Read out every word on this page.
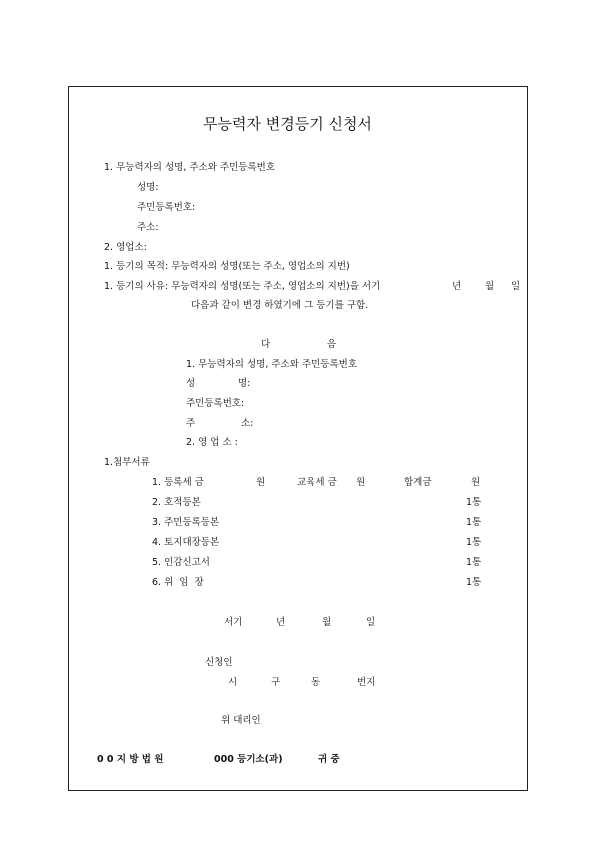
무능력자 변경등기 신청서
1. 무능력자의 성명, 주소와 주민등록번호
성명:
주민등록번호:
주소:
2. 영업소:
1. 등기의 목적: 무능력자의 성명(또는 주소, 영업소의 지번)
1. 등기의 사유: 무능력자의 성명(또는 주소, 영업소의 지번)을 서기	년	월 일
다음과 같이 변경 하였기에 그 등기를 구함.
다	음
1. 무능력자의 성명, 주소와 주민등록번호
성	명:
주민등록번호:
주	소:
2. 영 업 소 :
1.첨부서류
1. 등록세 금	원	교육세 금 원	합계금	원
2. 호적등본	1통
3. 주민등록등본	1통
4. 토지대장등본	1통
5. 인감신고서	1통
6. 위  임  장	1통
서기	년	월	일
신청인
시	구	동	번지
위 대리인
0 0 지 방 법 원	000 등기소(과)	귀 중
